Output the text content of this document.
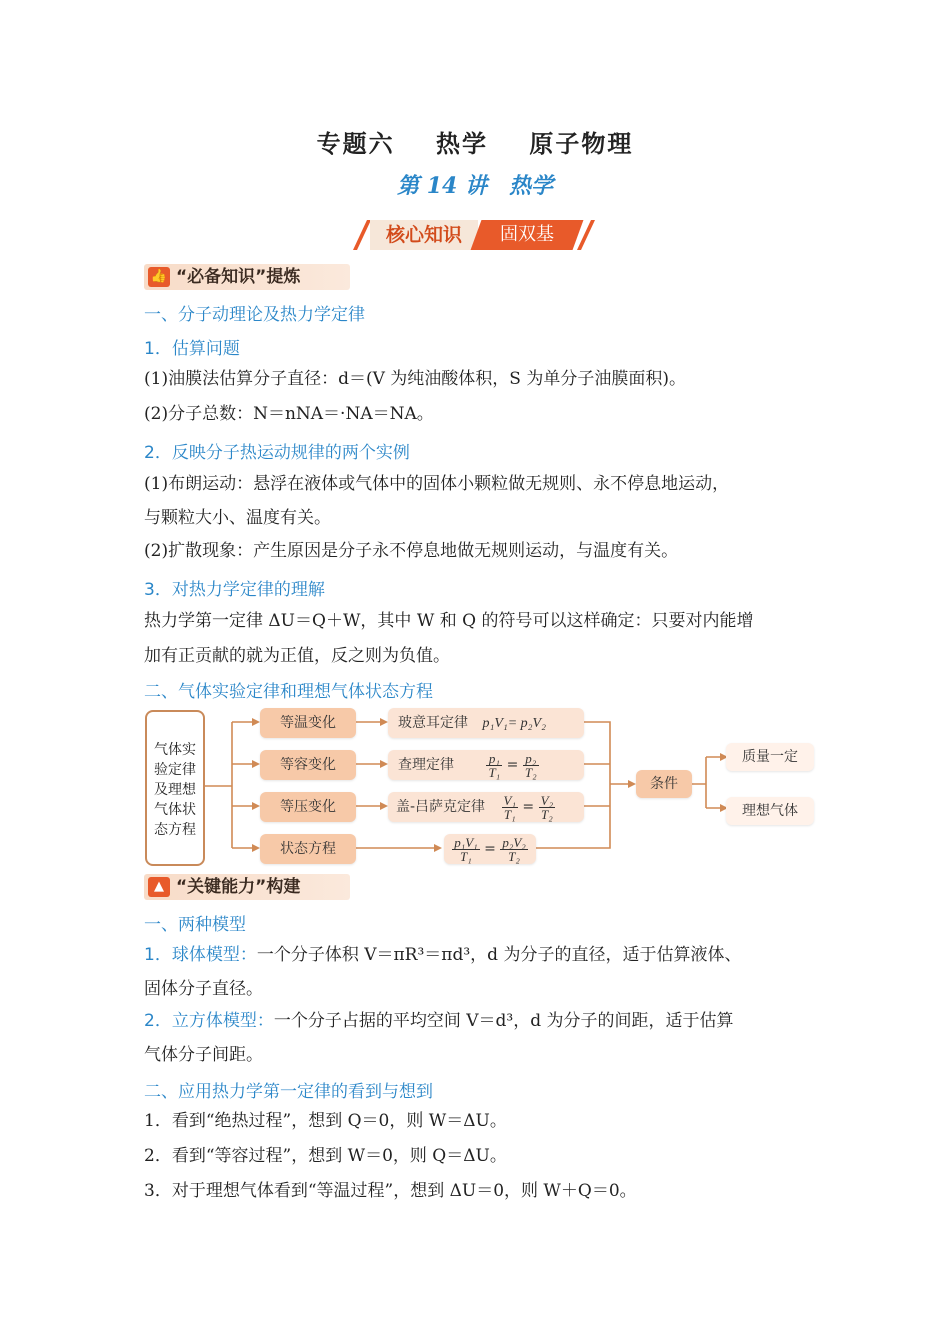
专题六 热学 原子物理
第 14 讲　热学
核心知识	固双基
👍 “必备知识”提炼
一、分子动理论及热力学定律
1．估算问题
(1)油膜法估算分子直径：d＝(V 为纯油酸体积，S 为单分子油膜面积)。
(2)分子总数：N＝nNA＝·NA＝NA。
2．反映分子热运动规律的两个实例
(1)布朗运动：悬浮在液体或气体中的固体小颗粒做无规则、永不停息地运动，
与颗粒大小、温度有关。
(2)扩散现象：产生原因是分子永不停息地做无规则运动，与温度有关。
3．对热力学定律的理解
热力学第一定律 ΔU＝Q＋W，其中 W 和 Q 的符号可以这样确定：只要对内能增
加有正贡献的就为正值，反之则为负值。
二、气体实验定律和理想气体状态方程
气体实
验定律
及理想
气体状
态方程
等温变化
等容变化
等压变化
状态方程
玻意耳定律 p₁V₁= p₂V₂
查理定律 $\frac{\text{p₁}}{\text{T₁}} = \frac{\text{p₂}}{\text{T₂}}$
盖-吕萨克定律 $\frac{\text{V₁}}{\text{T₁}} = \frac{\text{V₂}}{\text{T₂}}$
$\frac{\text{p₁V₁}}{\text{T₁}} = \frac{\text{p₂V₂}}{\text{T₂}}$
条件
质量一定
理想气体
▲ “关键能力”构建
一、两种模型
1．球体模型：一个分子体积 V＝πR³＝πd³，d 为分子的直径，适于估算液体、
固体分子直径。
2．立方体模型：一个分子占据的平均空间 V＝d³，d 为分子的间距，适于估算
气体分子间距。
二、应用热力学第一定律的看到与想到
1．看到“绝热过程”，想到 Q＝0，则 W＝ΔU。
2．看到“等容过程”，想到 W＝0，则 Q＝ΔU。
3．对于理想气体看到“等温过程”，想到 ΔU＝0，则 W＋Q＝0。
